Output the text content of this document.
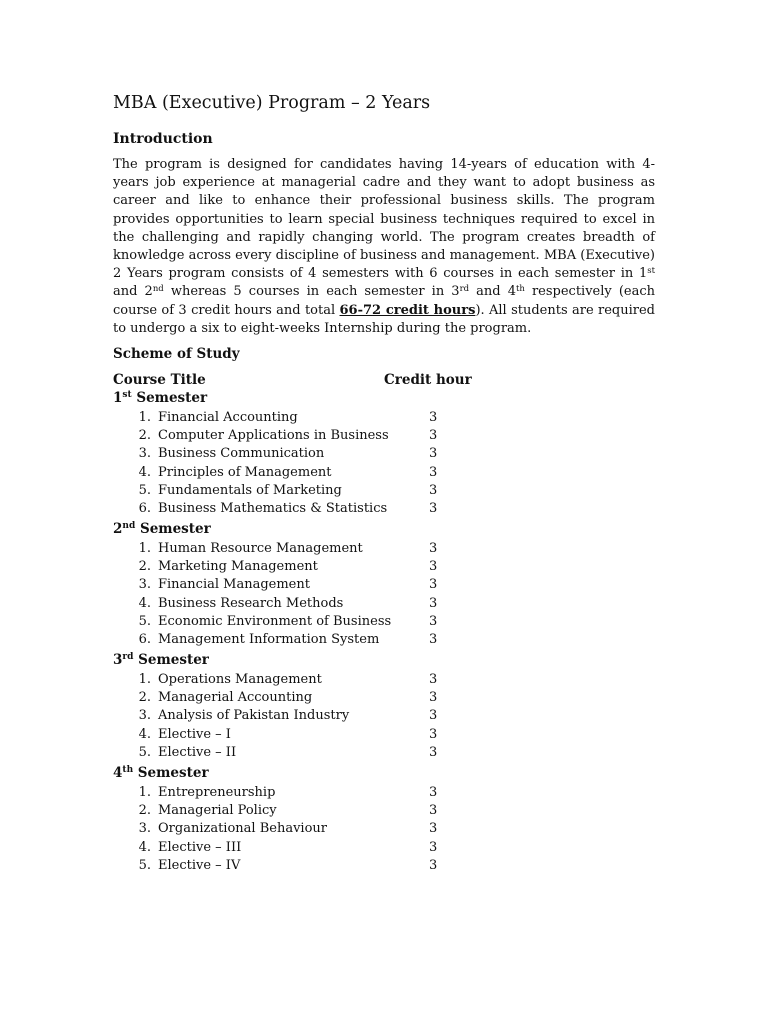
MBA (Executive) Program – 2 Years
Introduction

The program is designed for candidates having 14-years of education with 4-years job experience at managerial cadre and they want to adopt business as career and like to enhance their professional business skills. The program provides opportunities to learn special business techniques required to excel in the challenging and rapidly changing world. The program creates breadth of knowledge across every discipline of business and management. MBA (Executive) 2 Years program consists of 4 semesters with 6 courses in each semester in 1st and 2nd whereas 5 courses in each semester in 3rd and 4th respectively (each course of 3 credit hours and total 66-72 credit hours). All students are required to undergo a six to eight-weeks Internship during the program.

Scheme of Study
Course Title	Credit hour
1st Semester
1. Financial Accounting	3
2. Computer Applications in Business	3
3. Business Communication	3
4. Principles of Management	3
5. Fundamentals of Marketing	3
6. Business Mathematics & Statistics	3
2nd Semester
1. Human Resource Management	3
2. Marketing Management	3
3. Financial Management	3
4. Business Research Methods	3
5. Economic Environment of Business	3
6. Management Information System	3
3rd Semester
1. Operations Management	3
2. Managerial Accounting	3
3. Analysis of Pakistan Industry	3
4. Elective – I	3
5. Elective – II	3
4th Semester
1. Entrepreneurship	3
2. Managerial Policy	3
3. Organizational Behaviour	3
4. Elective – III	3
5. Elective – IV	3
